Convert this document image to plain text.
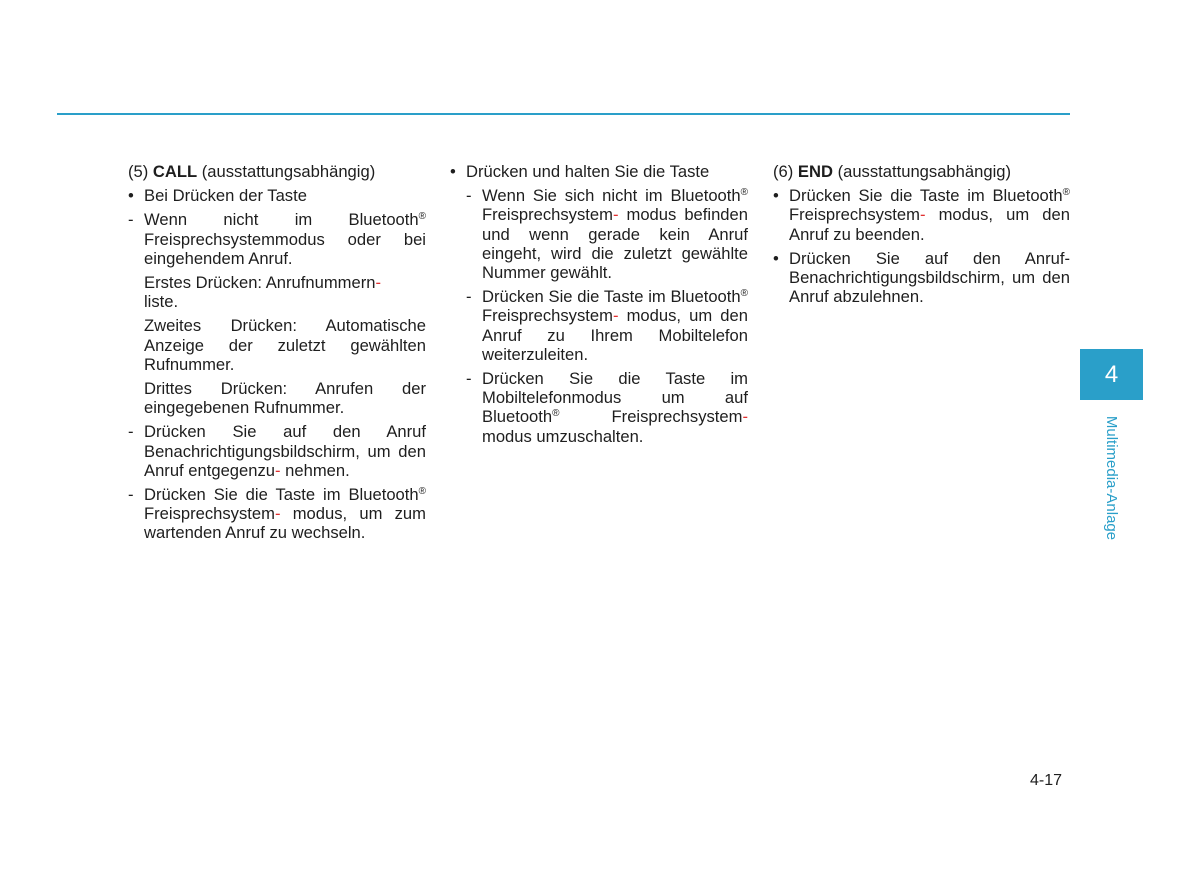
(5) CALL (ausstattungsabhängig)
• Bei Drücken der Taste
- Wenn nicht im Bluetooth® Freisprechsystemmodus oder bei eingehendem Anruf.
Erstes Drücken: Anrufnummern-
liste.
Zweites Drücken: Automatische Anzeige der zuletzt gewählten Rufnummer.
Drittes Drücken: Anrufen der eingegebenen Rufnummer.
- Drücken Sie auf den Anruf Benachrichtigungsbildschirm, um den Anruf entgegenzu- nehmen.
- Drücken Sie die Taste im Bluetooth® Freisprechsystem- modus, um zum wartenden Anruf zu wechseln.
• Drücken und halten Sie die Taste
- Wenn Sie sich nicht im Bluetooth® Freisprechsystem- modus befinden und wenn gerade kein Anruf eingeht, wird die zuletzt gewählte Nummer gewählt.
- Drücken Sie die Taste im Bluetooth® Freisprechsystem- modus, um den Anruf zu Ihrem Mobiltelefon weiterzuleiten.
- Drücken Sie die Taste im Mobiltelefonmodus um auf Bluetooth®	Freisprechsystem- modus umzuschalten.
(6) END (ausstattungsabhängig)
• Drücken Sie die Taste im Bluetooth® Freisprechsystem- modus, um den Anruf zu beenden.
• Drücken Sie auf den Anruf-Benachrichtigungsbildschirm, um den Anruf abzulehnen.
4
Multimedia-Anlage
4-17
